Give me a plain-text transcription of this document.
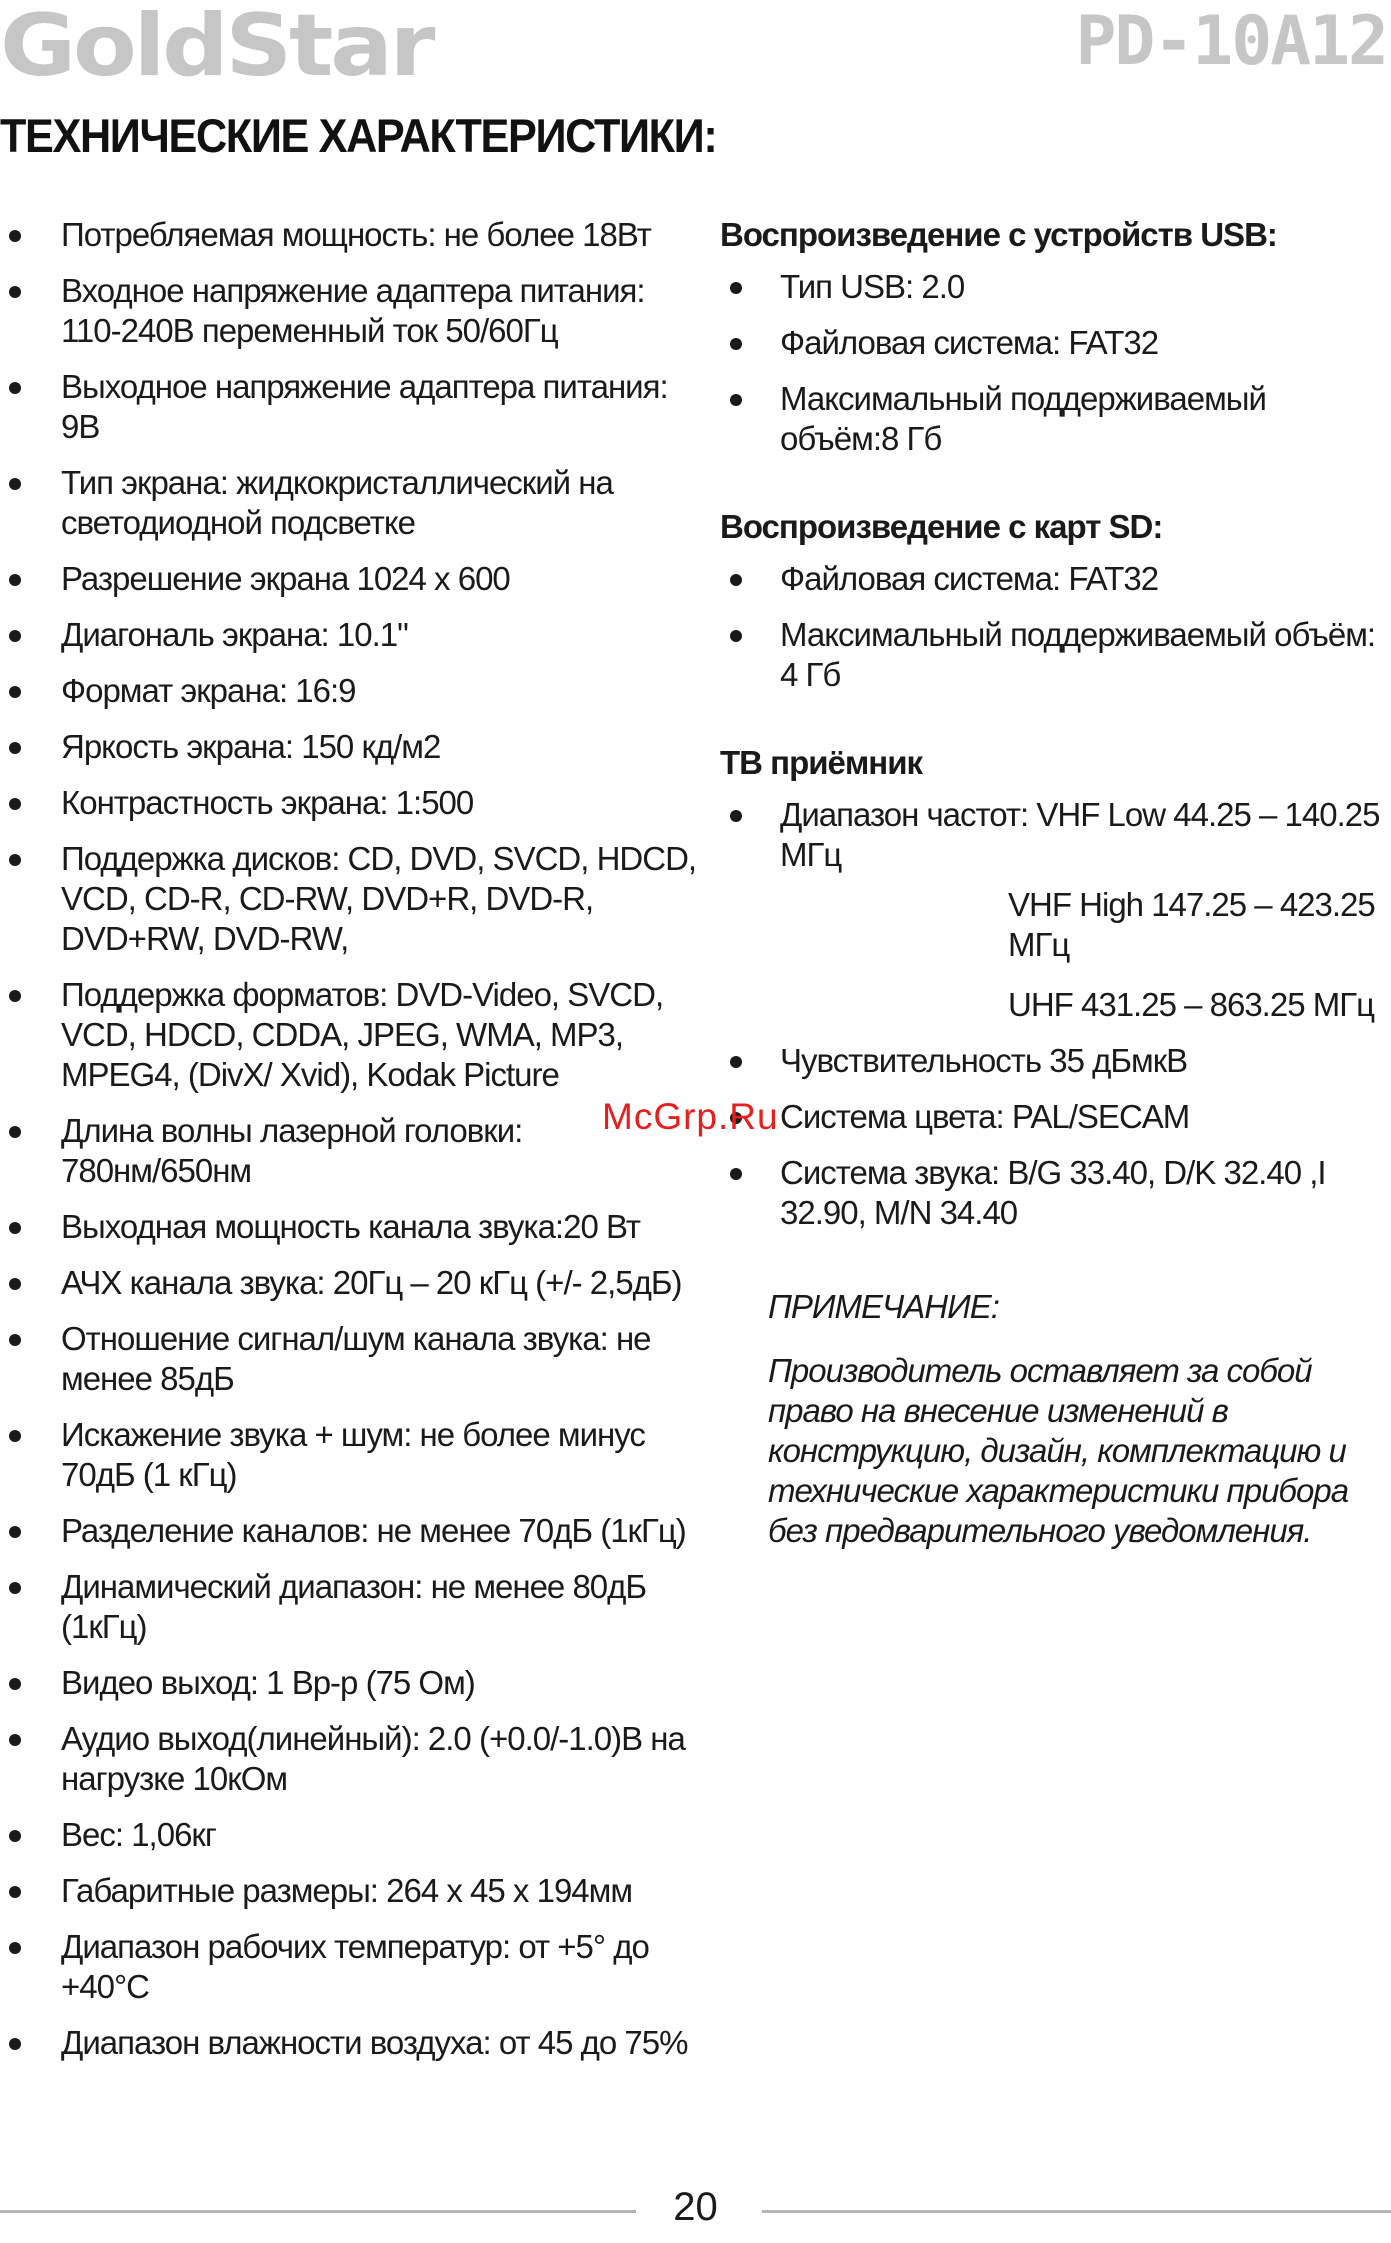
GoldStar	PD-10A12
ТЕХНИЧЕСКИЕ ХАРАКТЕРИСТИКИ:
Потребляемая мощность: не более 18Вт
Входное напряжение адаптера питания: 110-240В переменный ток 50/60Гц
Выходное напряжение адаптера питания: 9В
Тип экрана: жидкокристаллический на светодиодной подсветке
Разрешение экрана 1024 х 600
Диагональ экрана: 10.1"
Формат экрана: 16:9
Яркость экрана: 150 кд/м2
Контрастность экрана: 1:500
Поддержка дисков: CD, DVD, SVCD, HDCD, VCD, CD-R, CD-RW, DVD+R, DVD-R, DVD+RW, DVD-RW,
Поддержка форматов: DVD-Video, SVCD, VCD, HDCD, CDDA, JPEG, WMA, MP3, MPEG4, (DivX/ Xvid), Kodak Picture
Длина волны лазерной головки: 780нм/650нм
Выходная мощность канала звука:20 Вт
АЧХ канала звука: 20Гц – 20 кГц (+/- 2,5дБ)
Отношение сигнал/шум канала звука: не менее 85дБ
Искажение звука + шум: не более минус 70дБ (1 кГц)
Разделение каналов: не менее 70дБ (1кГц)
Динамический диапазон: не менее 80дБ (1кГц)
Видео выход: 1 Вр-р (75 Ом)
Аудио выход(линейный): 2.0 (+0.0/-1.0)В на нагрузке 10кОм
Вес: 1,06кг
Габаритные размеры: 264 х 45 х 194мм
Диапазон рабочих температур: от +5° до +40°С
Диапазон влажности воздуха: от 45 до 75%
Воспроизведение с устройств USB:
Тип USB: 2.0
Файловая система: FAT32
Максимальный поддерживаемый объём:8 Гб
Воспроизведение с карт SD:
Файловая система: FAT32
Максимальный поддерживаемый объём: 4 Гб
ТВ приёмник
Диапазон частот: VHF Low 44.25 – 140.25 МГц
VHF High 147.25 – 423.25 МГц
UHF 431.25 – 863.25 МГц
Чувствительность 35 дБмкВ
Система цвета: PAL/SECAM
Система звука: B/G 33.40, D/K 32.40 ,I 32.90, M/N 34.40
ПРИМЕЧАНИЕ:
Производитель оставляет за собой право на внесение изменений в конструкцию, дизайн, комплектацию и технические характеристики прибора без предварительного уведомления.
McGrp.Ru
20
